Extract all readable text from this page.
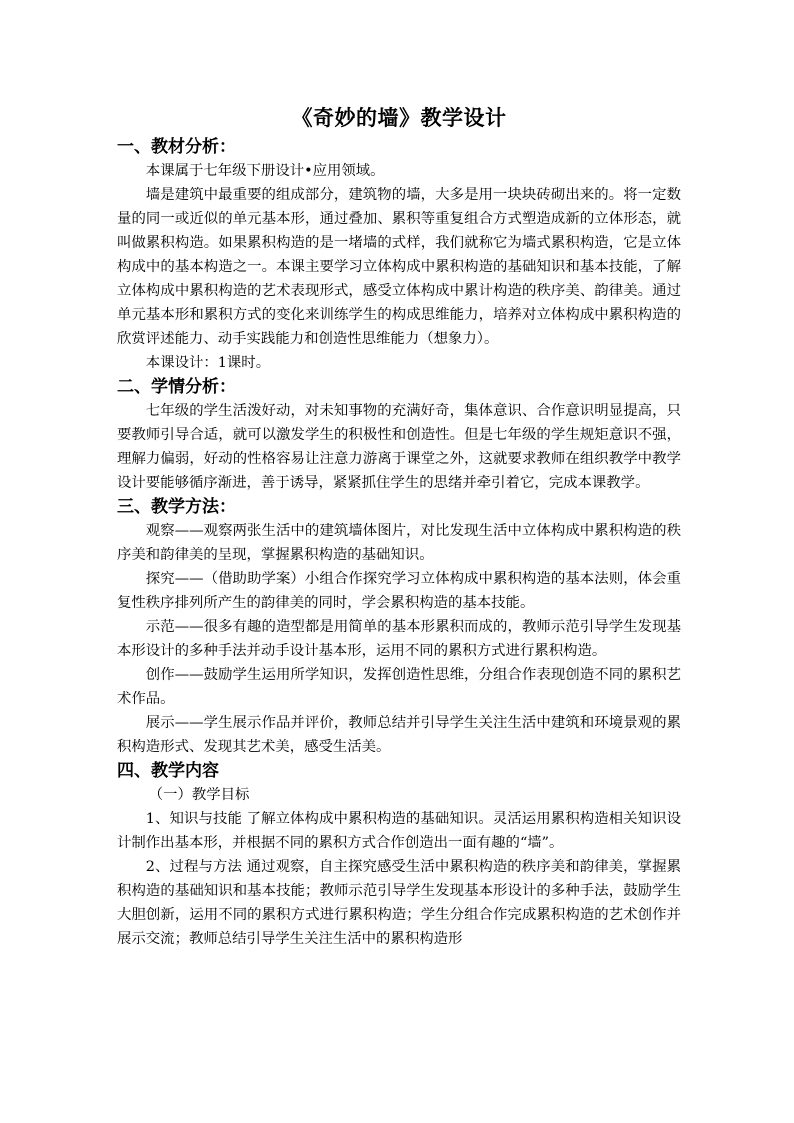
《奇妙的墙》教学设计
一、教材分析：

本课属于七年级下册设计•应用领域。

墙是建筑中最重要的组成部分，建筑物的墙，大多是用一块块砖砌出来的。将一定数量的同一或近似的单元基本形，通过叠加、累积等重复组合方式塑造成新的立体形态，就叫做累积构造。如果累积构造的是一堵墙的式样，我们就称它为墙式累积构造，它是立体构成中的基本构造之一。本课主要学习立体构成中累积构造的基础知识和基本技能，了解立体构成中累积构造的艺术表现形式，感受立体构成中累计构造的秩序美、韵律美。通过单元基本形和累积方式的变化来训练学生的构成思维能力，培养对立体构成中累积构造的欣赏评述能力、动手实践能力和创造性思维能力（想象力）。

本课设计：1课时。

二、学情分析：

七年级的学生活泼好动，对未知事物的充满好奇，集体意识、合作意识明显提高，只要教师引导合适，就可以激发学生的积极性和创造性。但是七年级的学生规矩意识不强，理解力偏弱，好动的性格容易让注意力游离于课堂之外，这就要求教师在组织教学中教学设计要能够循序渐进，善于诱导，紧紧抓住学生的思绪并牵引着它，完成本课教学。

三、教学方法：

观察——观察两张生活中的建筑墙体图片，对比发现生活中立体构成中累积构造的秩序美和韵律美的呈现，掌握累积构造的基础知识。

探究——（借助助学案）小组合作探究学习立体构成中累积构造的基本法则，体会重复性秩序排列所产生的韵律美的同时，学会累积构造的基本技能。

示范——很多有趣的造型都是用简单的基本形累积而成的，教师示范引导学生发现基本形设计的多种手法并动手设计基本形，运用不同的累积方式进行累积构造。

创作——鼓励学生运用所学知识，发挥创造性思维，分组合作表现创造不同的累积艺术作品。

展示——学生展示作品并评价，教师总结并引导学生关注生活中建筑和环境景观的累积构造形式、发现其艺术美，感受生活美。

四、教学内容

（一）教学目标

1、知识与技能 了解立体构成中累积构造的基础知识。灵活运用累积构造相关知识设计制作出基本形，并根据不同的累积方式合作创造出一面有趣的“墙”。

2、过程与方法 通过观察，自主探究感受生活中累积构造的秩序美和韵律美，掌握累积构造的基础知识和基本技能；教师示范引导学生发现基本形设计的多种手法，鼓励学生大胆创新，运用不同的累积方式进行累积构造；学生分组合作完成累积构造的艺术创作并展示交流；教师总结引导学生关注生活中的累积构造形
